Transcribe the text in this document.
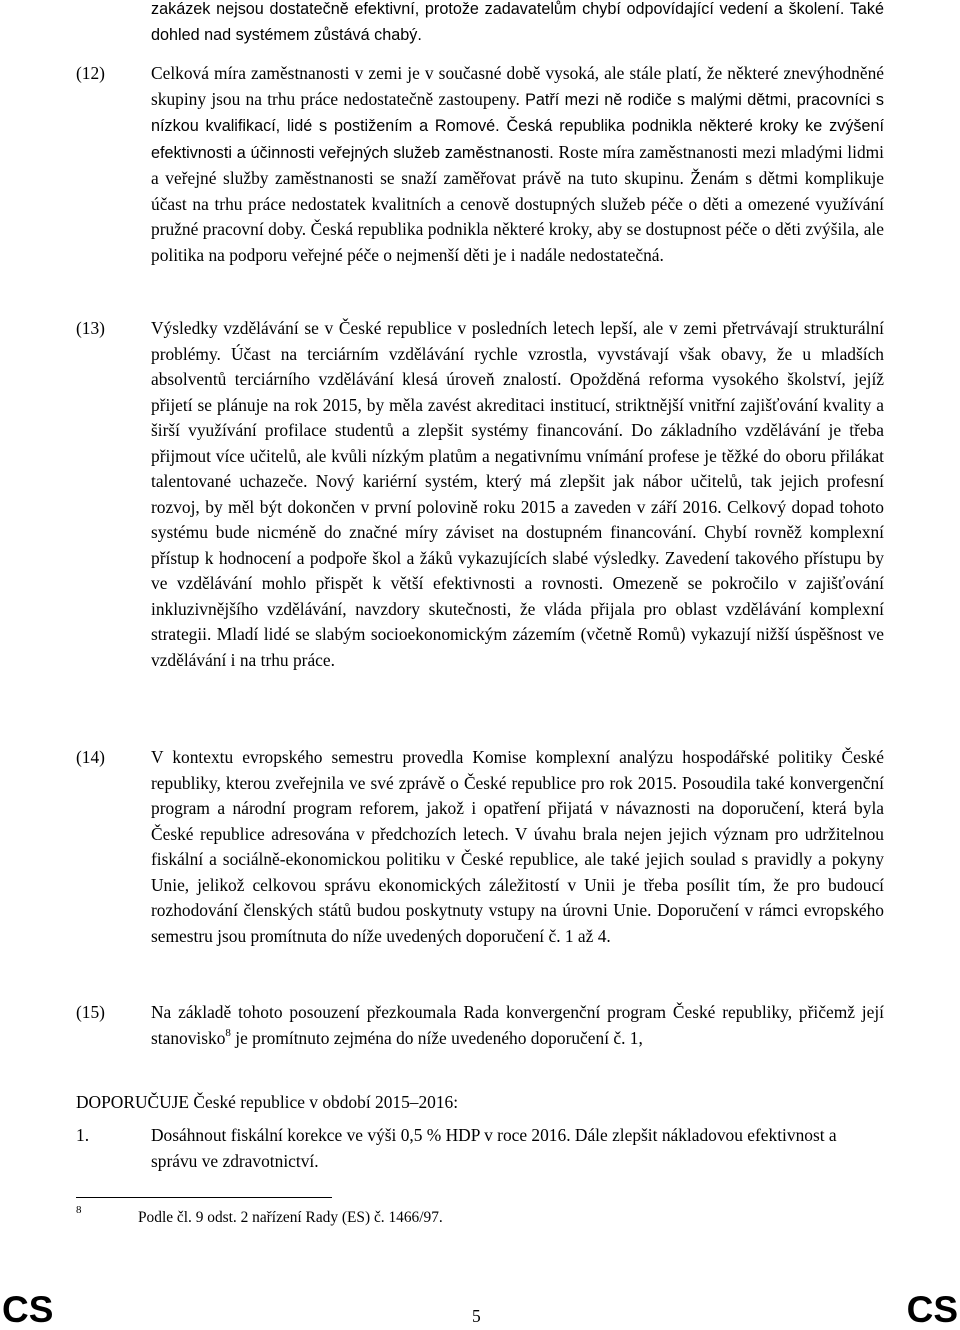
zakázek nejsou dostatečně efektivní, protože zadavatelům chybí odpovídající vedení a školení. Také dohled nad systémem zůstává chabý.
(12)	Celková míra zaměstnanosti v zemi je v současné době vysoká, ale stále platí, že některé znevýhodněné skupiny jsou na trhu práce nedostatečně zastoupeny. Patří mezi ně rodiče s malými dětmi, pracovníci s nízkou kvalifikací, lidé s postižením a Romové. Česká republika podnikla některé kroky ke zvýšení efektivnosti a účinnosti veřejných služeb zaměstnanosti. Roste míra zaměstnanosti mezi mladými lidmi a veřejné služby zaměstnanosti se snaží zaměřovat právě na tuto skupinu. Ženám s dětmi komplikuje účast na trhu práce nedostatek kvalitních a cenově dostupných služeb péče o děti a omezené využívání pružné pracovní doby. Česká republika podnikla některé kroky, aby se dostupnost péče o děti zvýšila, ale politika na podporu veřejné péče o nejmenší děti je i nadále nedostatečná.
(13)	Výsledky vzdělávání se v České republice v posledních letech lepší, ale v zemi přetrvávají strukturální problémy. Účast na terciárním vzdělávání rychle vzrostla, vyvstávají však obavy, že u mladších absolventů terciárního vzdělávání klesá úroveň znalostí. Opožděná reforma vysokého školství, jejíž přijetí se plánuje na rok 2015, by měla zavést akreditaci institucí, striktnější vnitřní zajišťování kvality a širší využívání profilace studentů a zlepšit systémy financování. Do základního vzdělávání je třeba přijmout více učitelů, ale kvůli nízkým platům a negativnímu vnímání profese je těžké do oboru přilákat talentované uchazeče. Nový kariérní systém, který má zlepšit jak nábor učitelů, tak jejich profesní rozvoj, by měl být dokončen v první polovině roku 2015 a zaveden v září 2016. Celkový dopad tohoto systému bude nicméně do značné míry záviset na dostupném financování. Chybí rovněž komplexní přístup k hodnocení a podpoře škol a žáků vykazujících slabé výsledky. Zavedení takového přístupu by ve vzdělávání mohlo přispět k větší efektivnosti a rovnosti. Omezeně se pokročilo v zajišťování inkluzivnějšího vzdělávání, navzdory skutečnosti, že vláda přijala pro oblast vzdělávání komplexní strategii. Mladí lidé se slabým socioekonomickým zázemím (včetně Romů) vykazují nižší úspěšnost ve vzdělávání i na trhu práce.
(14)	V kontextu evropského semestru provedla Komise komplexní analýzu hospodářské politiky České republiky, kterou zveřejnila ve své zprávě o České republice pro rok 2015. Posoudila také konvergenční program a národní program reforem, jakož i opatření přijatá v návaznosti na doporučení, která byla České republice adresována v předchozích letech. V úvahu brala nejen jejich význam pro udržitelnou fiskální a sociálně-ekonomickou politiku v České republice, ale také jejich soulad s pravidly a pokyny Unie, jelikož celkovou správu ekonomických záležitostí v Unii je třeba posílit tím, že pro budoucí rozhodování členských států budou poskytnuty vstupy na úrovni Unie. Doporučení v rámci evropského semestru jsou promítnuta do níže uvedených doporučení č. 1 až 4.
(15)	Na základě tohoto posouzení přezkoumala Rada konvergenční program České republiky, přičemž její stanovisko$^8$ je promítnuto zejména do níže uvedeného doporučení č. 1,
DOPORUČUJE České republice v období 2015–2016:
1.	Dosáhnout fiskální korekce ve výši 0,5 % HDP v roce 2016. Dále zlepšit nákladovou efektivnost a správu ve zdravotnictví.
8	Podle čl. 9 odst. 2 nařízení Rady (ES) č. 1466/97.
CS	5	CS
